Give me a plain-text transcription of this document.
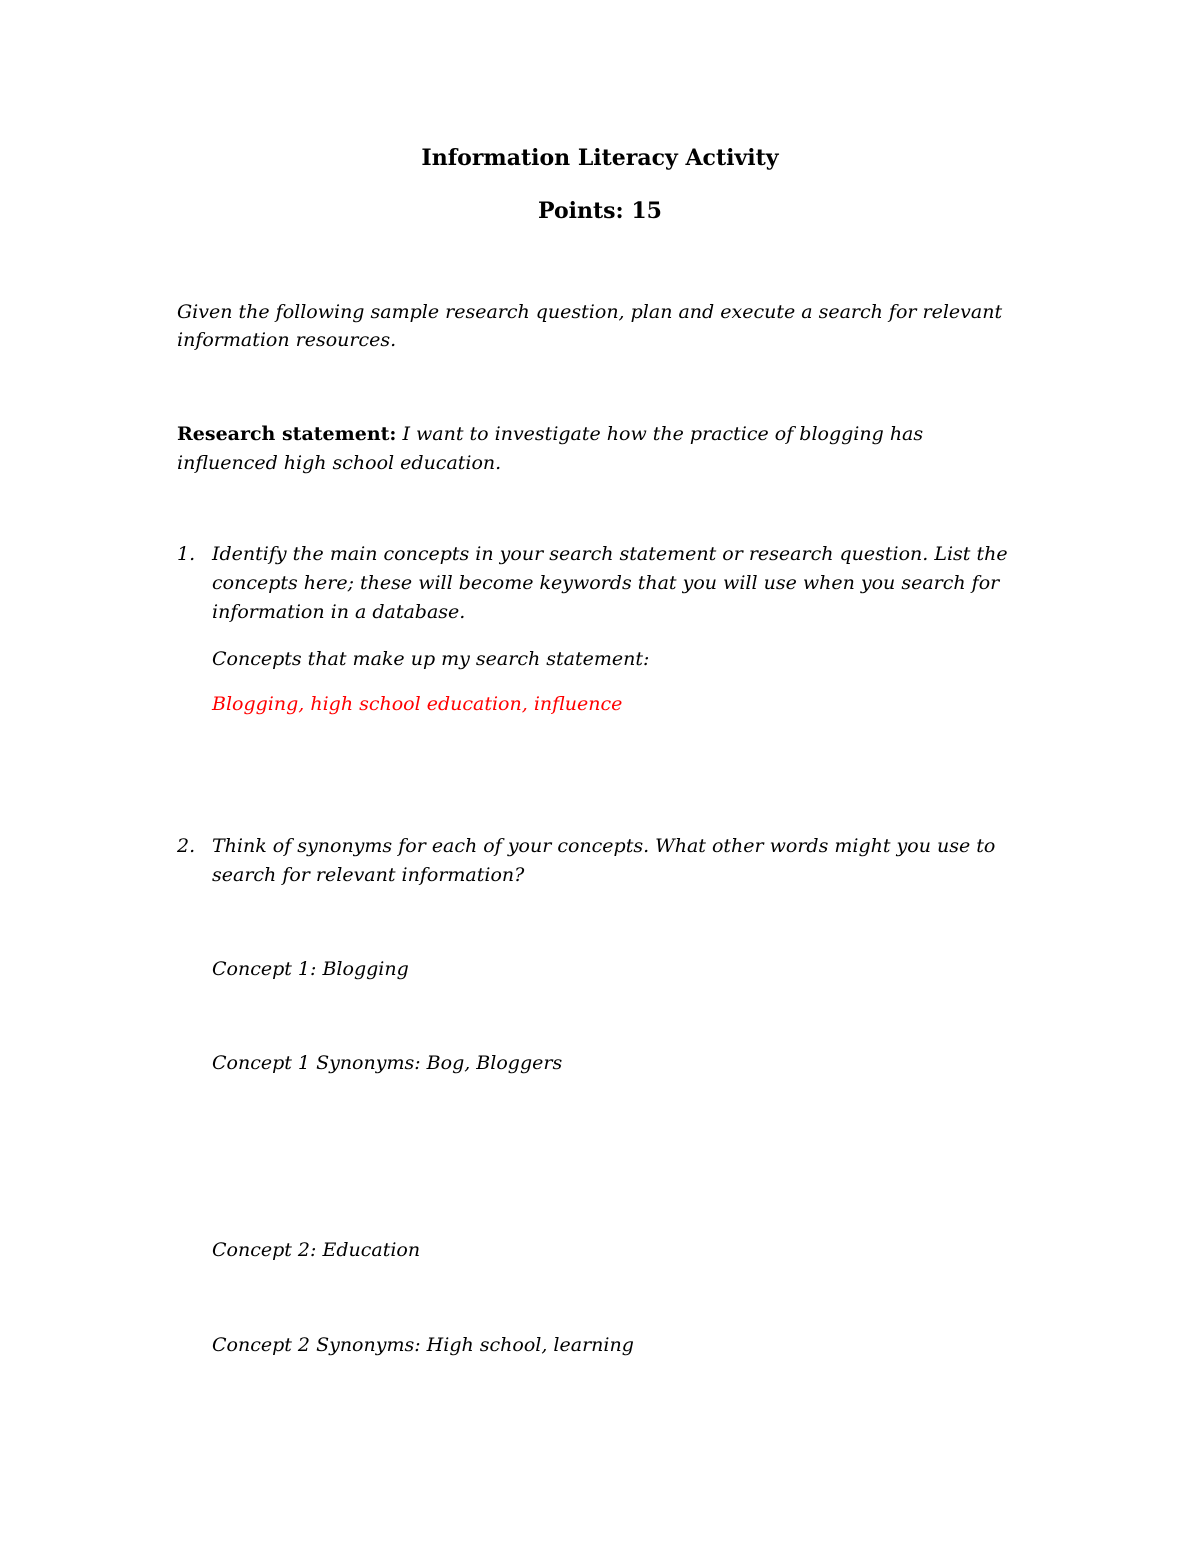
Information Literacy Activity
Points: 15

Given the following sample research question, plan and execute a search for relevant

information resources.

Research statement: I want to investigate how the practice of blogging has

influenced high school education.

1. Identify the main concepts in your search statement or research question. List the

concepts here; these will become keywords that you will use when you search for

information in a database.

Concepts that make up my search statement:

Blogging, high school education, influence

2. Think of synonyms for each of your concepts. What other words might you use to

search for relevant information?

Concept 1: Blogging

Concept 1 Synonyms: Bog, Bloggers

Concept 2: Education

Concept 2 Synonyms: High school, learning
